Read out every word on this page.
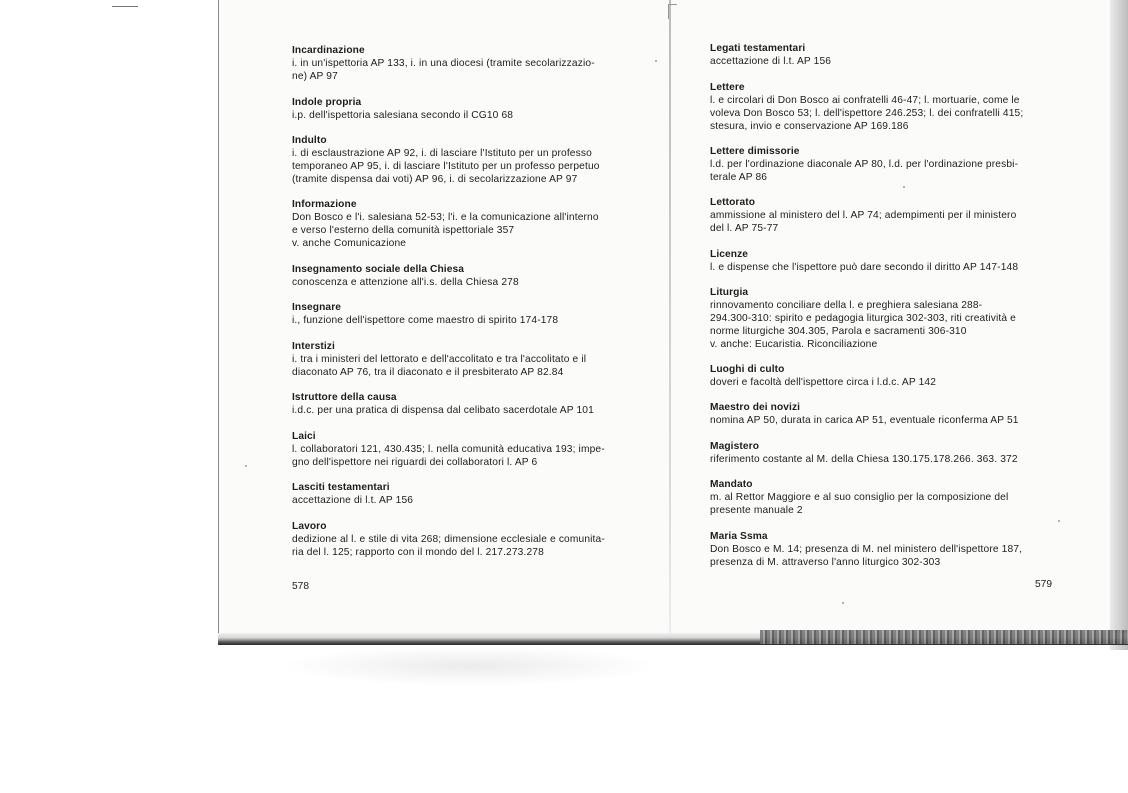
Incardinazione
i. in un'ispettoria AP 133, i. in una diocesi (tramite secolarizzazio-
ne) AP 97
Indole propria
i.p. dell'ispettoria salesiana secondo il CG10 68
Indulto
i. di esclaustrazione AP 92, i. di lasciare l'Istituto per un professo
temporaneo AP 95, i. di lasciare l'Istituto per un professo perpetuo
(tramite dispensa dai voti) AP 96, i. di secolarizzazione AP 97
Informazione
Don Bosco e l'i. salesiana 52-53; l'i. e la comunicazione all'interno
e verso l'esterno della comunità ispettoriale 357
v. anche Comunicazione
Insegnamento sociale della Chiesa
conoscenza e attenzione all'i.s. della Chiesa 278
Insegnare
i., funzione dell'ispettore come maestro di spirito 174-178
Interstizi
i. tra i ministeri del lettorato e dell'accolitato e tra l'accolitato e il
diaconato AP 76, tra il diaconato e il presbiterato AP 82.84
Istruttore della causa
i.d.c. per una pratica di dispensa dal celibato sacerdotale AP 101
Laici
l. collaboratori 121, 430.435; l. nella comunità educativa 193; impe-
gno dell'ispettore nei riguardi dei collaboratori l. AP 6
Lasciti testamentari
accettazione di l.t. AP 156
Lavoro
dedizione al l. e stile di vita 268; dimensione ecclesiale e comunita-
ria del l. 125; rapporto con il mondo del l. 217.273.278
578
Legati testamentari
accettazione di l.t. AP 156
Lettere
l. e circolari di Don Bosco ai confratelli 46-47; l. mortuarie, come le
voleva Don Bosco 53; l. dell'ispettore 246.253; l. dei confratelli 415;
stesura, invio e conservazione AP 169.186
Lettere dimissorie
l.d. per l'ordinazione diaconale AP 80, l.d. per l'ordinazione presbi-
terale AP 86
Lettorato
ammissione al ministero del l. AP 74; adempimenti per il ministero
del l. AP 75-77
Licenze
l. e dispense che l'ispettore può dare secondo il diritto AP 147-148
Liturgia
rinnovamento conciliare della l. e preghiera salesiana 288-
294.300-310: spirito e pedagogia liturgica 302-303, riti creatività e
norme liturgiche 304.305, Parola e sacramenti 306-310
v. anche: Eucaristia. Riconciliazione
Luoghi di culto
doveri e facoltà dell'ispettore circa i l.d.c. AP 142
Maestro dei novizi
nomina AP 50, durata in carica AP 51, eventuale riconferma AP 51
Magistero
riferimento costante al M. della Chiesa 130.175.178.266. 363. 372
Mandato
m. al Rettor Maggiore e al suo consiglio per la composizione del
presente manuale 2
Maria Ssma
Don Bosco e M. 14; presenza di M. nel ministero dell'ispettore 187,
presenza di M. attraverso l'anno liturgico 302-303
579
